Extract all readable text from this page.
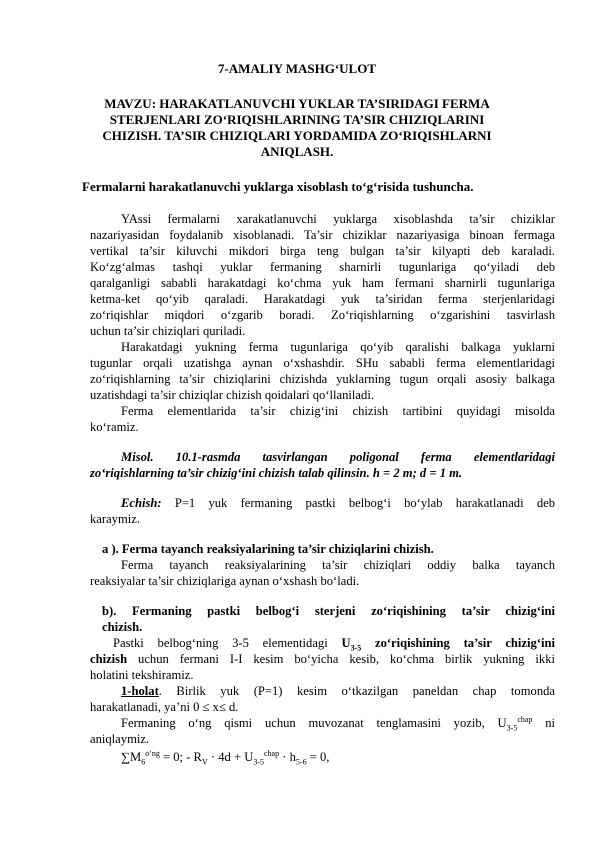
7-AMALIY MASHG‘ULOT
MAVZU: HARAKATLANUVCHI YUKLAR TA’SIRIDAGI FERMA
STERJENLARI ZO‘RIQISHLARINING TA’SIR CHIZIQLARINI
CHIZISH. TA’SIR CHIZIQLARI YORDAMIDA ZO‘RIQISHLARNI
ANIQLASH.
Fermalarni harakatlanuvchi yuklarga xisoblash to‘g‘risida tushuncha.
YAssi fermalarni xarakatlanuvchi yuklarga xisoblashda ta’sir chiziklar
nazariyasidan foydalanib xisoblanadi. Ta’sir chiziklar nazariyasiga binoan fermaga
vertikal ta’sir kiluvchi mikdori birga teng bulgan ta’sir kilyapti deb karaladi.
Ko‘zg‘almas tashqi yuklar fermaning sharnirli tugunlariga qo‘yiladi deb
qaralganligi sababli harakatdagi ko‘chma yuk ham fermani sharnirli tugunlariga
ketma-ket qo‘yib qaraladi. Harakatdagi yuk ta’siridan ferma sterjenlaridagi
zo‘riqishlar miqdori o‘zgarib boradi. Zo‘riqishlarning o‘zgarishini tasvirlash
uchun ta’sir chiziqlari quriladi.
Harakatdagi yukning ferma tugunlariga qo‘yib qaralishi balkaga yuklarni
tugunlar orqali uzatishga aynan o‘xshashdir. SHu sababli ferma elementlaridagi
zo‘riqishlarning ta’sir chiziqlarini chizishda yuklarning tugun orqali asosiy balkaga
uzatishdagi ta’sir chiziqlar chizish qoidalari qo‘llaniladi.
Ferma elementlarida ta’sir chizig‘ini chizish tartibini quyidagi misolda
ko‘ramiz.
Misol. 10.1-rasmda tasvirlangan poligonal ferma elementlaridagi
zo‘riqishlarning ta’sir chizig‘ini chizish talab qilinsin. h = 2 m; d = 1 m.
Echish: P=1 yuk fermaning pastki belbog‘i bo‘ylab harakatlanadi deb
karaymiz.
a ). Ferma tayanch reaksiyalarining ta’sir chiziqlarini chizish.
Ferma tayanch reaksiyalarining ta’sir chiziqlari oddiy balka tayanch
reaksiyalar ta’sir chiziqlariga aynan o‘xshash bo‘ladi.
b). Fermaning pastki belbog‘i sterjeni zo‘riqishining ta’sir chizig‘ini
chizish.
Pastki belbog‘ning 3-5 elementidagi $U_{3-5}$ zo‘riqishining ta’sir chizig‘ini
chizish uchun fermani I-I kesim bo‘yicha kesib, ko‘chma birlik yukning ikki
holatini tekshiramiz.
1-holat. Birlik yuk (P=1) kesim o‘tkazilgan paneldan chap tomonda
harakatlanadi, ya’ni 0 ≤ x≤ d.
Fermaning o‘ng qismi uchun muvozanat tenglamasini yozib, $U_{3-5}^{chap}$ ni
aniqlaymiz.
$\sum M_6^{o‘ng} = 0$; - $R_V \cdot 4d + U_{3-5}^{chap} \cdot h_{5-6} = 0$,
